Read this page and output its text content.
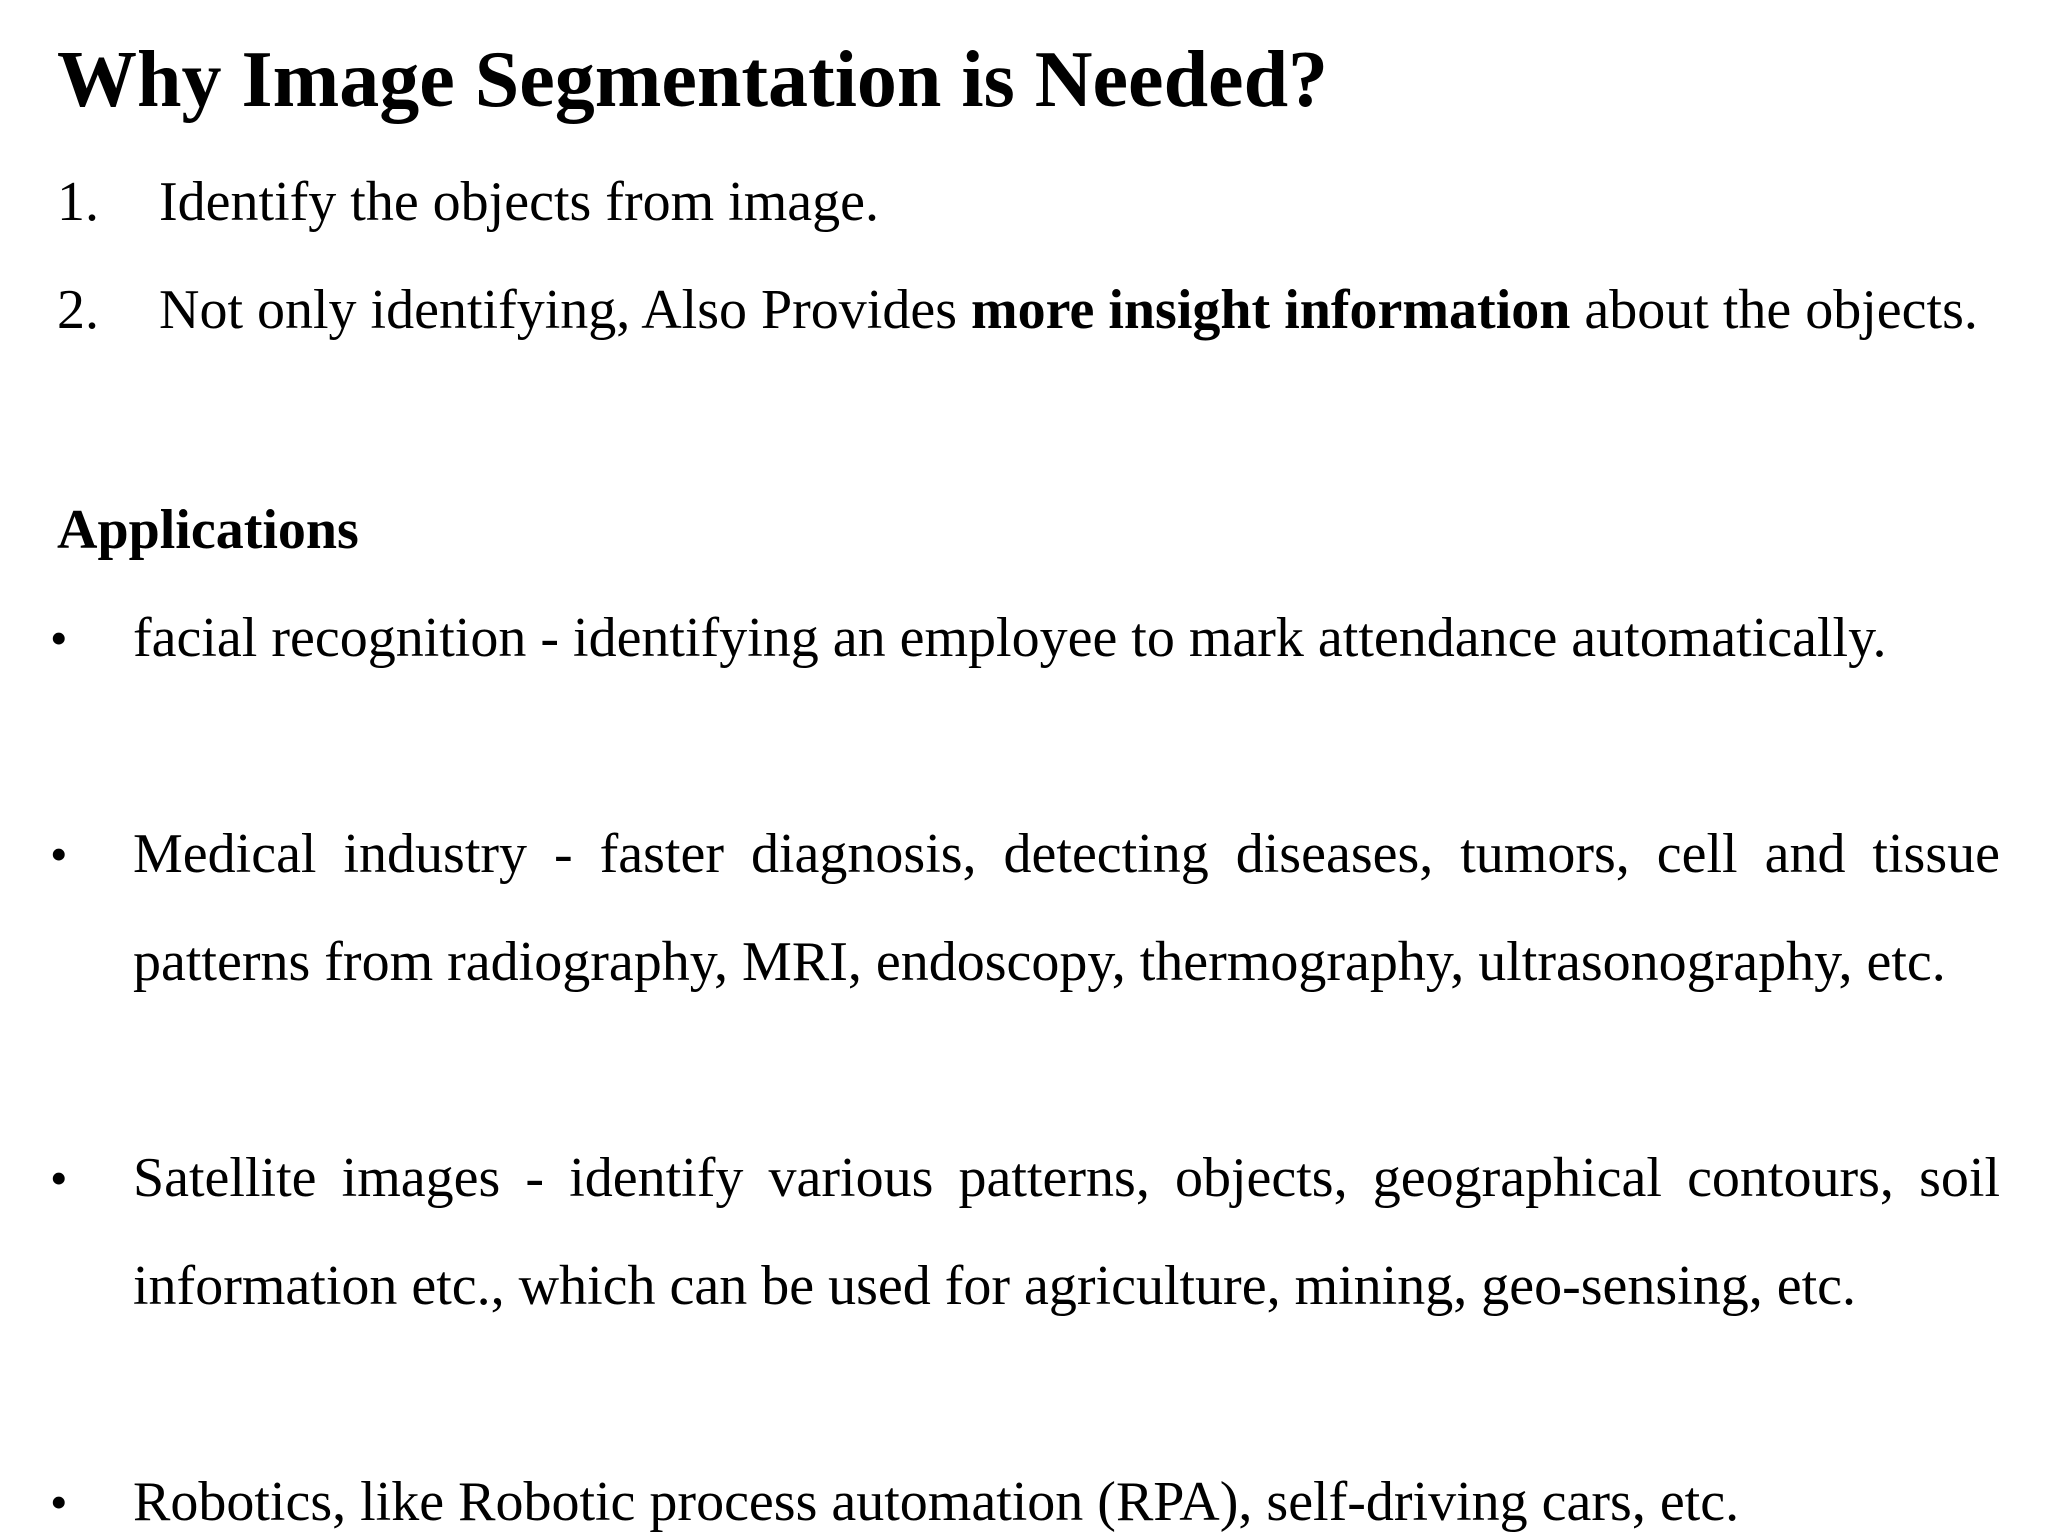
Why Image Segmentation is Needed?
1. Identify the objects from image.
2. Not only identifying, Also Provides more insight information about the objects.
Applications
• facial recognition - identifying an employee to mark attendance automatically.
• Medical industry - faster diagnosis, detecting diseases, tumors, cell and tissue patterns from radiography, MRI, endoscopy, thermography, ultrasonography, etc.
• Satellite images - identify various patterns, objects, geographical contours, soil information etc., which can be used for agriculture, mining, geo-sensing, etc.
• Robotics, like Robotic process automation (RPA), self-driving cars, etc.
